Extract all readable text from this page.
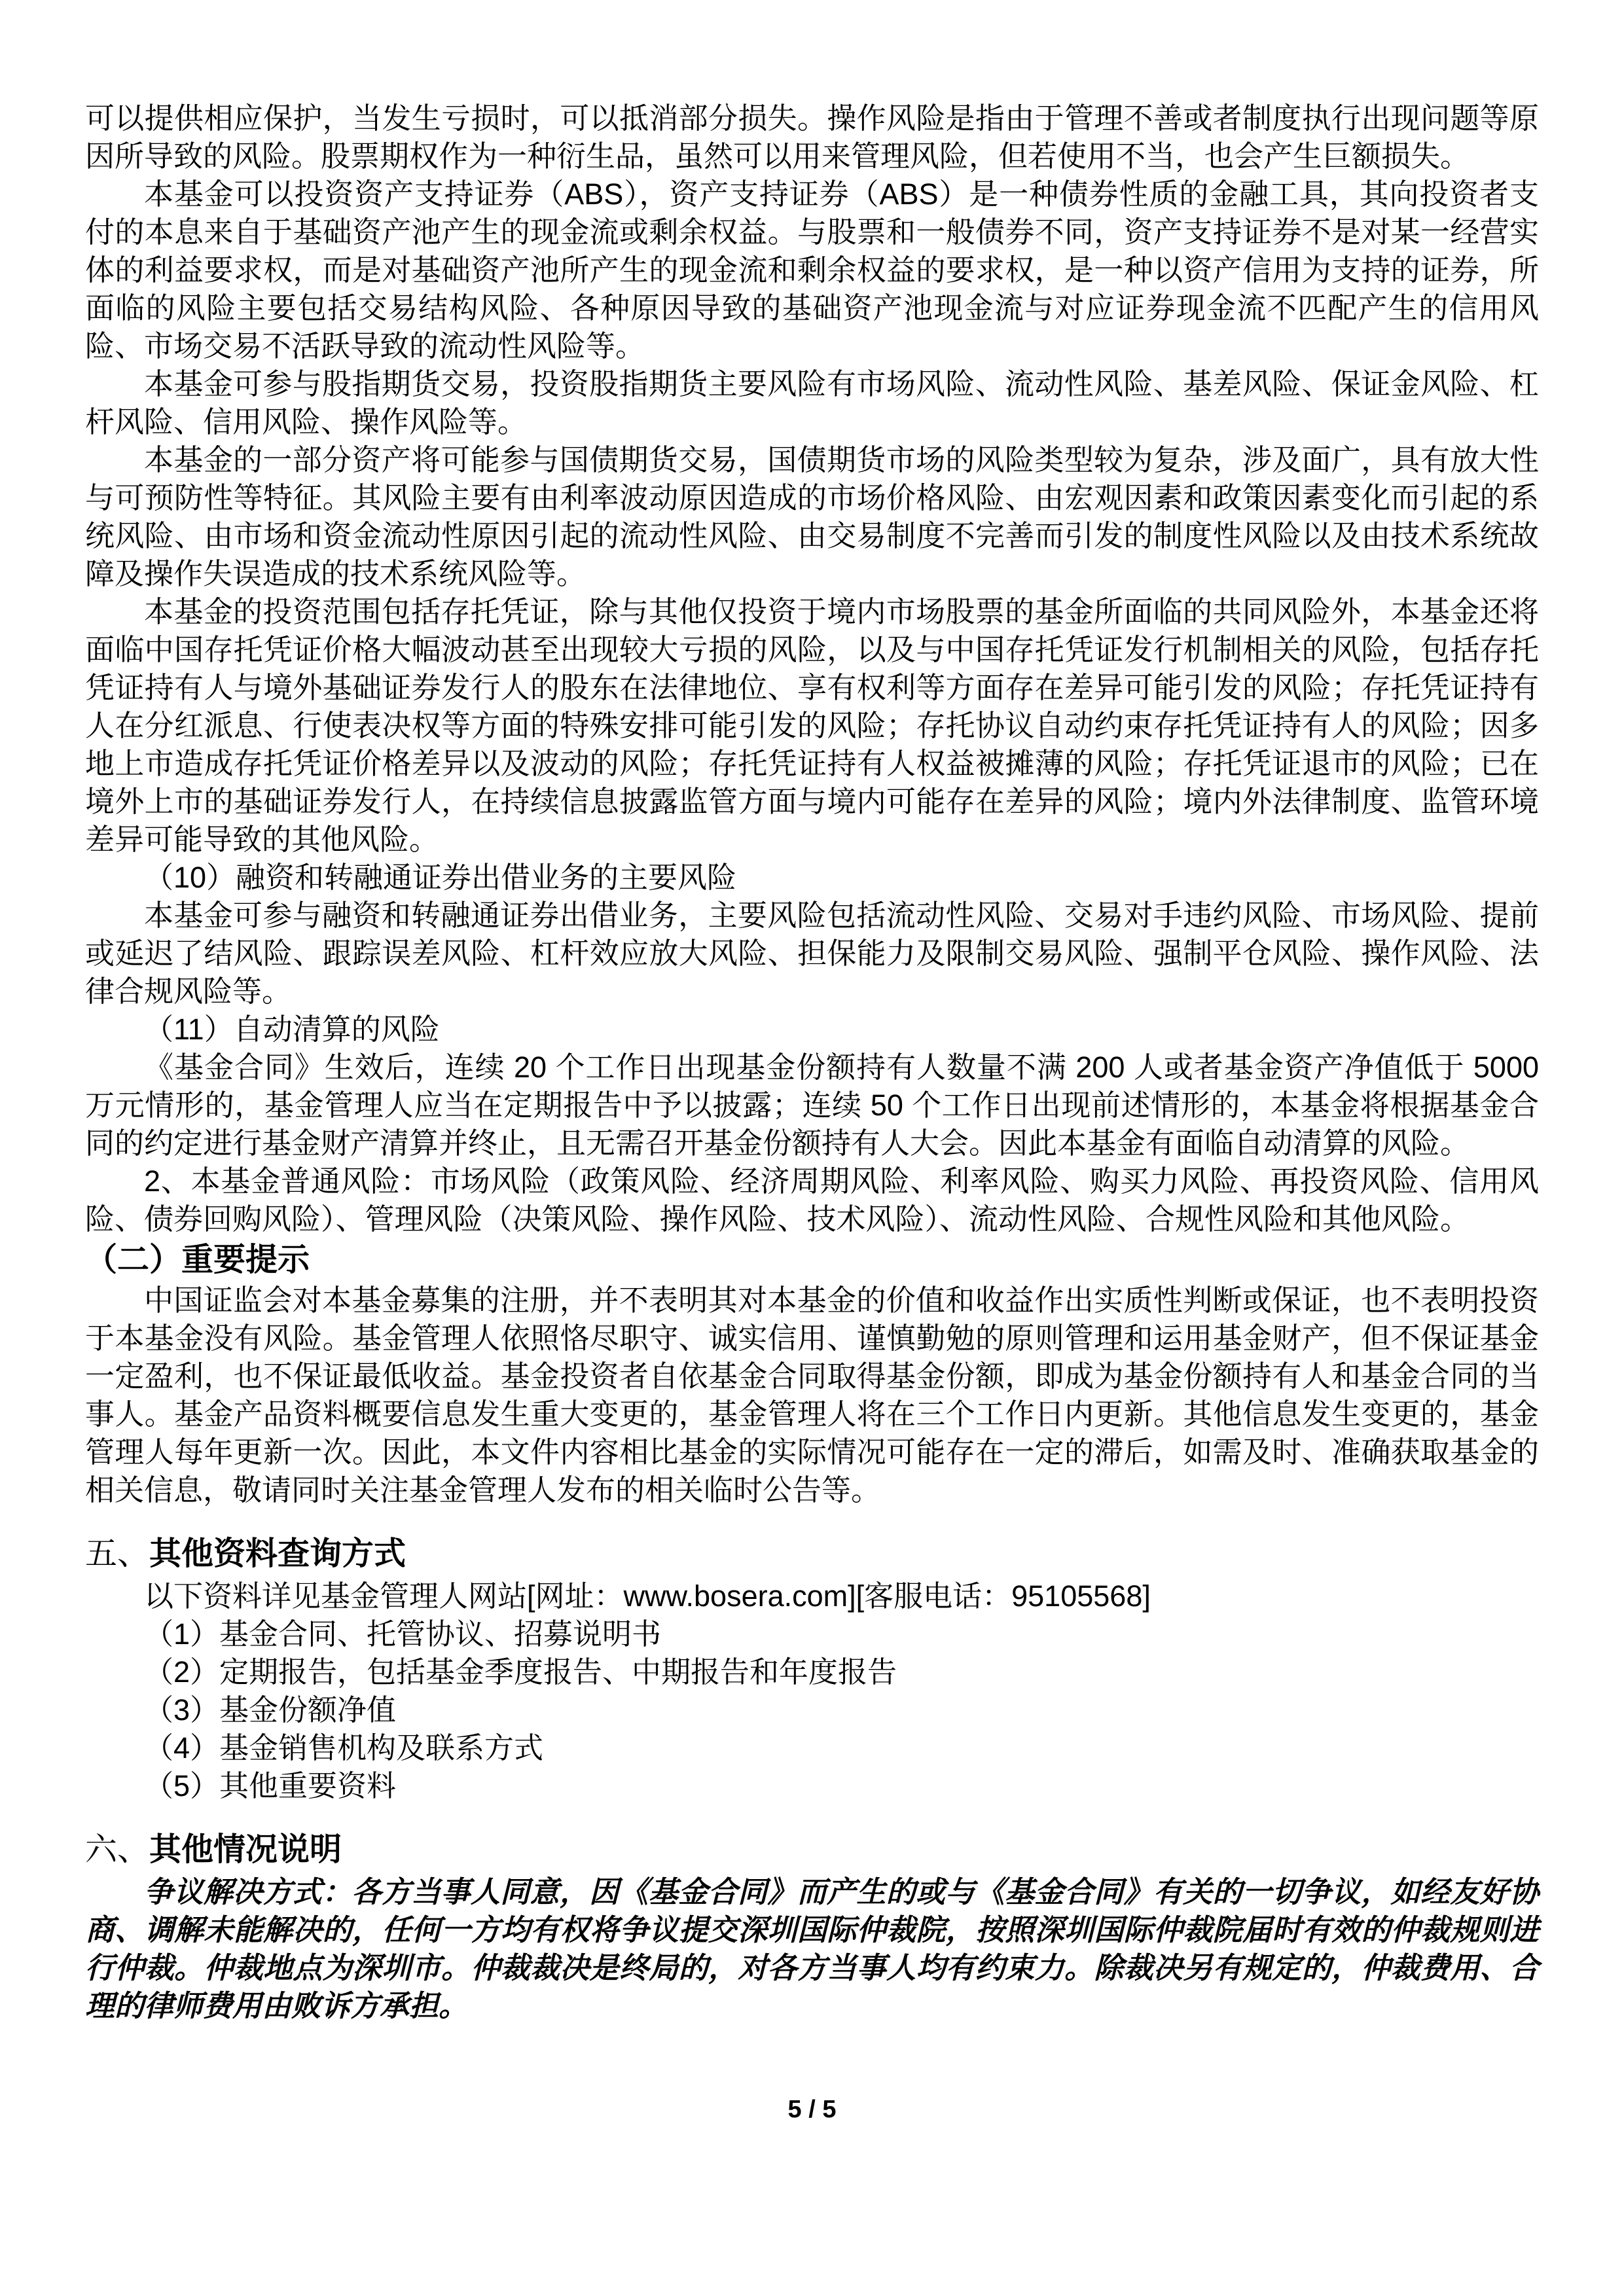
可以提供相应保护，当发生亏损时，可以抵消部分损失。操作风险是指由于管理不善或者制度执行出现问题等原因所导致的风险。股票期权作为一种衍生品，虽然可以用来管理风险，但若使用不当，也会产生巨额损失。

本基金可以投资资产支持证券（ABS），资产支持证券（ABS）是一种债券性质的金融工具，其向投资者支付的本息来自于基础资产池产生的现金流或剩余权益。与股票和一般债券不同，资产支持证券不是对某一经营实体的利益要求权，而是对基础资产池所产生的现金流和剩余权益的要求权，是一种以资产信用为支持的证券，所面临的风险主要包括交易结构风险、各种原因导致的基础资产池现金流与对应证券现金流不匹配产生的信用风险、市场交易不活跃导致的流动性风险等。

本基金可参与股指期货交易，投资股指期货主要风险有市场风险、流动性风险、基差风险、保证金风险、杠杆风险、信用风险、操作风险等。

本基金的一部分资产将可能参与国债期货交易，国债期货市场的风险类型较为复杂，涉及面广，具有放大性与可预防性等特征。其风险主要有由利率波动原因造成的市场价格风险、由宏观因素和政策因素变化而引起的系统风险、由市场和资金流动性原因引起的流动性风险、由交易制度不完善而引发的制度性风险以及由技术系统故障及操作失误造成的技术系统风险等。

本基金的投资范围包括存托凭证，除与其他仅投资于境内市场股票的基金所面临的共同风险外，本基金还将面临中国存托凭证价格大幅波动甚至出现较大亏损的风险，以及与中国存托凭证发行机制相关的风险，包括存托凭证持有人与境外基础证券发行人的股东在法律地位、享有权利等方面存在差异可能引发的风险；存托凭证持有人在分红派息、行使表决权等方面的特殊安排可能引发的风险；存托协议自动约束存托凭证持有人的风险；因多地上市造成存托凭证价格差异以及波动的风险；存托凭证持有人权益被摊薄的风险；存托凭证退市的风险；已在境外上市的基础证券发行人，在持续信息披露监管方面与境内可能存在差异的风险；境内外法律制度、监管环境差异可能导致的其他风险。

（10）融资和转融通证券出借业务的主要风险

本基金可参与融资和转融通证券出借业务，主要风险包括流动性风险、交易对手违约风险、市场风险、提前或延迟了结风险、跟踪误差风险、杠杆效应放大风险、担保能力及限制交易风险、强制平仓风险、操作风险、法律合规风险等。

（11）自动清算的风险

《基金合同》生效后，连续 20 个工作日出现基金份额持有人数量不满 200 人或者基金资产净值低于 5000 万元情形的，基金管理人应当在定期报告中予以披露；连续 50 个工作日出现前述情形的，本基金将根据基金合同的约定进行基金财产清算并终止，且无需召开基金份额持有人大会。因此本基金有面临自动清算的风险。

2、本基金普通风险：市场风险（政策风险、经济周期风险、利率风险、购买力风险、再投资风险、信用风险、债券回购风险）、管理风险（决策风险、操作风险、技术风险）、流动性风险、合规性风险和其他风险。

（二）重要提示

中国证监会对本基金募集的注册，并不表明其对本基金的价值和收益作出实质性判断或保证，也不表明投资于本基金没有风险。基金管理人依照恪尽职守、诚实信用、谨慎勤勉的原则管理和运用基金财产，但不保证基金一定盈利，也不保证最低收益。基金投资者自依基金合同取得基金份额，即成为基金份额持有人和基金合同的当事人。基金产品资料概要信息发生重大变更的，基金管理人将在三个工作日内更新。其他信息发生变更的，基金管理人每年更新一次。因此，本文件内容相比基金的实际情况可能存在一定的滞后，如需及时、准确获取基金的相关信息，敬请同时关注基金管理人发布的相关临时公告等。

五、其他资料查询方式

以下资料详见基金管理人网站[网址：www.bosera.com][客服电话：95105568]

（1）基金合同、托管协议、招募说明书

（2）定期报告，包括基金季度报告、中期报告和年度报告

（3）基金份额净值

（4）基金销售机构及联系方式

（5）其他重要资料

六、其他情况说明

争议解决方式：各方当事人同意，因《基金合同》而产生的或与《基金合同》有关的一切争议，如经友好协商、调解未能解决的，任何一方均有权将争议提交深圳国际仲裁院，按照深圳国际仲裁院届时有效的仲裁规则进行仲裁。仲裁地点为深圳市。仲裁裁决是终局的，对各方当事人均有约束力。除裁决另有规定的，仲裁费用、合理的律师费用由败诉方承担。

5 / 5
